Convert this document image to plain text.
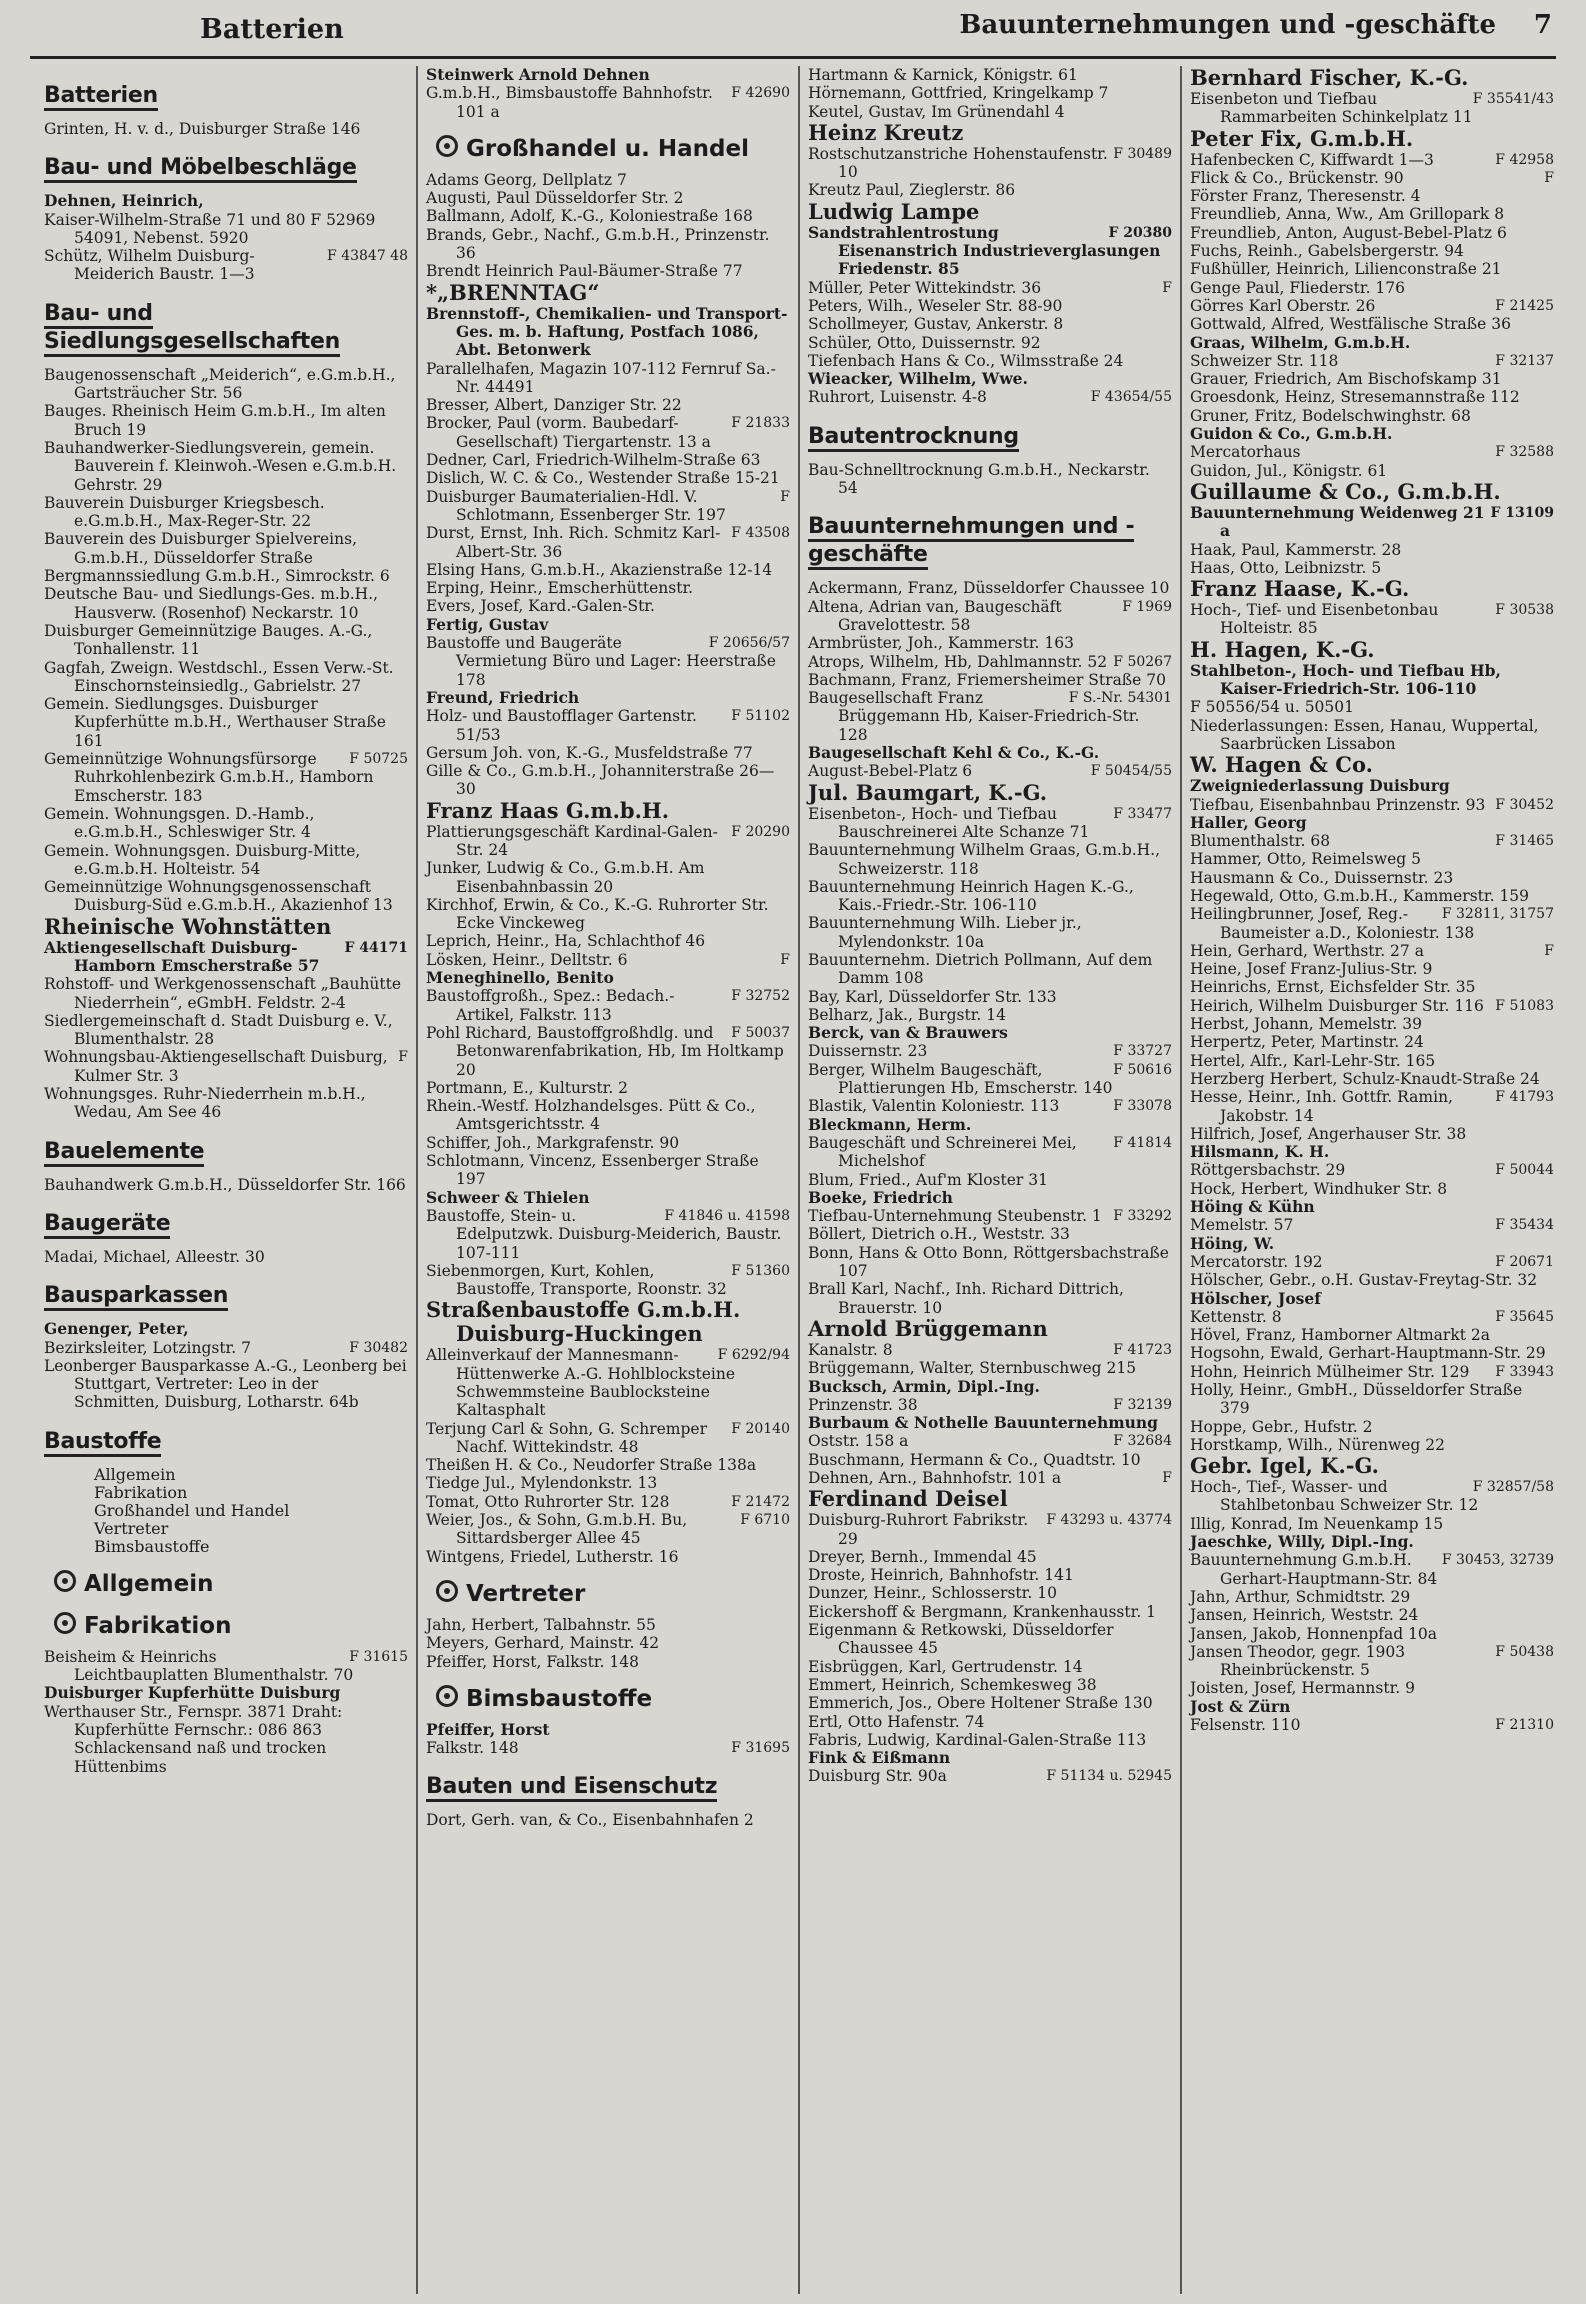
Batterien	Bauunternehmungen und -geschäfte 7
Batterien

Grinten, H. v. d., Duisburger Straße 146

Bau- und Möbelbeschläge

Dehnen, Heinrich,

Kaiser-Wilhelm-Straße 71 und 80 F 52969 54091, Nebenst. 5920

F 43847 48
Schütz, Wilhelm Duisburg-Meiderich Baustr. 1—3

Bau- und Siedlungsgesellschaften

Baugenossenschaft „Meiderich“, e.G.m.b.H., Gartsträucher Str. 56

Bauges. Rheinisch Heim G.m.b.H., Im alten Bruch 19

Bauhandwerker-Siedlungsverein, gemein. Bauverein f. Kleinwoh.-Wesen e.G.m.b.H. Gehrstr. 29

Bauverein Duisburger Kriegsbesch. e.G.m.b.H., Max-Reger-Str. 22

Bauverein des Duisburger Spielvereins, G.m.b.H., Düsseldorfer Straße

Bergmannssiedlung G.m.b.H., Simrockstr. 6

Deutsche Bau- und Siedlungs-Ges. m.b.H., Hausverw. (Rosenhof) Neckarstr. 10

Duisburger Gemeinnützige Bauges. A.-G., Tonhallenstr. 11

Gagfah, Zweign. Westdschl., Essen Verw.-St. Einschornsteinsiedlg., Gabrielstr. 27

Gemein. Siedlungsges. Duisburger Kupferhütte m.b.H., Werthauser Straße 161

F 50725
Gemeinnützige Wohnungsfürsorge Ruhrkohlenbezirk G.m.b.H., Hamborn Emscherstr. 183

Gemein. Wohnungsgen. D.-Hamb., e.G.m.b.H., Schleswiger Str. 4

Gemein. Wohnungsgen. Duisburg-Mitte, e.G.m.b.H. Holteistr. 54

Gemeinnützige Wohnungsgenossenschaft Duisburg-Süd e.G.m.b.H., Akazienhof 13

Rheinische Wohnstätten

F 44171
Aktiengesellschaft Duisburg-Hamborn Emscherstraße 57

Rohstoff- und Werkgenossenschaft „Bauhütte Niederrhein“, eGmbH. Feldstr. 2-4

Siedlergemeinschaft d. Stadt Duisburg e. V., Blumenthalstr. 28

F
Wohnungsbau-Aktiengesellschaft Duisburg, Kulmer Str. 3

Wohnungsges. Ruhr-Niederrhein m.b.H., Wedau, Am See 46

Bauelemente

Bauhandwerk G.m.b.H., Düsseldorfer Str. 166

Baugeräte

Madai, Michael, Alleestr. 30

Bausparkassen

Genenger, Peter,

F 30482
Bezirksleiter, Lotzingstr. 7

Leonberger Bausparkasse A.-G., Leonberg bei Stuttgart, Vertreter: Leo in der Schmitten, Duisburg, Lotharstr. 64b

Baustoffe
Allgemein
Fabrikation
Großhandel und Handel
Vertreter
Bimsbaustoffe
Allgemein
Fabrikation

F 31615
Beisheim & Heinrichs Leichtbauplatten Blumenthalstr. 70

Duisburger Kupferhütte Duisburg

Werthauser Str., Fernspr. 3871 Draht: Kupferhütte Fernschr.: 086 863 Schlackensand naß und trocken Hüttenbims

Steinwerk Arnold Dehnen

F 42690
G.m.b.H., Bimsbaustoffe Bahnhofstr. 101 a

Großhandel u. Handel

Adams Georg, Dellplatz 7

Augusti, Paul Düsseldorfer Str. 2

Ballmann, Adolf, K.-G., Koloniestraße 168

Brands, Gebr., Nachf., G.m.b.H., Prinzenstr. 36

Brendt Heinrich Paul-Bäumer-Straße 77

*„BRENNTAG“

Brennstoff-, Chemikalien- und Transport-Ges. m. b. Haftung, Postfach 1086, Abt. Betonwerk

Parallelhafen, Magazin 107-112 Fernruf Sa.-Nr. 44491

Bresser, Albert, Danziger Str. 22

F 21833
Brocker, Paul (vorm. Baubedarf-Gesellschaft) Tiergartenstr. 13 a

Dedner, Carl, Friedrich-Wilhelm-Straße 63

Dislich, W. C. & Co., Westender Straße 15-21

F
Duisburger Baumaterialien-Hdl. V. Schlotmann, Essenberger Str. 197

F 43508
Durst, Ernst, Inh. Rich. Schmitz Karl-Albert-Str. 36

Elsing Hans, G.m.b.H., Akazienstraße 12-14

Erping, Heinr., Emscherhüttenstr.

Evers, Josef, Kard.-Galen-Str.

Fertig, Gustav

F 20656/57
Baustoffe und Baugeräte Vermietung Büro und Lager: Heerstraße 178

Freund, Friedrich

F 51102
Holz- und Baustofflager Gartenstr. 51/53

Gersum Joh. von, K.-G., Musfeldstraße 77

Gille & Co., G.m.b.H., Johanniterstraße 26—30

Franz Haas G.m.b.H.

F 20290
Plattierungsgeschäft Kardinal-Galen-Str. 24

Junker, Ludwig & Co., G.m.b.H. Am Eisenbahnbassin 20

Kirchhof, Erwin, & Co., K.-G. Ruhrorter Str. Ecke Vinckeweg

Leprich, Heinr., Ha, Schlachthof 46

F
Lösken, Heinr., Delltstr. 6

Meneghinello, Benito

F 32752
Baustoffgroßh., Spez.: Bedach.-Artikel, Falkstr. 113

F 50037
Pohl Richard, Baustoffgroßhdlg. und Betonwarenfabrikation, Hb, Im Holtkamp 20

Portmann, E., Kulturstr. 2

Rhein.-Westf. Holzhandelsges. Pütt & Co., Amtsgerichtsstr. 4

Schiffer, Joh., Markgrafenstr. 90

Schlotmann, Vincenz, Essenberger Straße 197

Schweer & Thielen

F 41846 u. 41598
Baustoffe, Stein- u. Edelputzwk. Duisburg-Meiderich, Baustr. 107-111

F 51360
Siebenmorgen, Kurt, Kohlen, Baustoffe, Transporte, Roonstr. 32

Straßenbaustoffe G.m.b.H. Duisburg-Huckingen

F 6292/94
Alleinverkauf der Mannesmann-Hüttenwerke A.-G. Hohlblocksteine Schwemmsteine Baublocksteine Kaltasphalt

F 20140
Terjung Carl & Sohn, G. Schremper Nachf. Wittekindstr. 48

Theißen H. & Co., Neudorfer Straße 138a

Tiedge Jul., Mylendonkstr. 13

F 21472
Tomat, Otto Ruhrorter Str. 128

F 6710
Weier, Jos., & Sohn, G.m.b.H. Bu, Sittardsberger Allee 45

Wintgens, Friedel, Lutherstr. 16

Vertreter

Jahn, Herbert, Talbahnstr. 55

Meyers, Gerhard, Mainstr. 42

Pfeiffer, Horst, Falkstr. 148

Bimsbaustoffe

Pfeiffer, Horst

F 31695
Falkstr. 148

Bauten und Eisenschutz

Dort, Gerh. van, & Co., Eisenbahnhafen 2

Hartmann & Karnick, Königstr. 61

Hörnemann, Gottfried, Kringelkamp 7

Keutel, Gustav, Im Grünendahl 4

Heinz Kreutz

F 30489
Rostschutzanstriche Hohenstaufenstr. 10

Kreutz Paul, Zieglerstr. 86

Ludwig Lampe

F 20380
Sandstrahlentrostung Eisenanstrich Industrieverglasungen Friedenstr. 85

F
Müller, Peter Wittekindstr. 36

Peters, Wilh., Weseler Str. 88-90

Schollmeyer, Gustav, Ankerstr. 8

Schüler, Otto, Duissernstr. 92

Tiefenbach Hans & Co., Wilmsstraße 24

Wieacker, Wilhelm, Wwe.

F 43654/55
Ruhrort, Luisenstr. 4-8

Bautentrocknung

Bau-Schnelltrocknung G.m.b.H., Neckarstr. 54

Bauunternehmungen und -geschäfte

Ackermann, Franz, Düsseldorfer Chaussee 10

F 1969
Altena, Adrian van, Baugeschäft Gravelottestr. 58

Armbrüster, Joh., Kammerstr. 163

F 50267
Atrops, Wilhelm, Hb, Dahlmannstr. 52

Bachmann, Franz, Friemersheimer Straße 70

F S.-Nr. 54301
Baugesellschaft Franz Brüggemann Hb, Kaiser-Friedrich-Str. 128

Baugesellschaft Kehl & Co., K.-G.

F 50454/55
August-Bebel-Platz 6

Jul. Baumgart, K.-G.

F 33477
Eisenbeton-, Hoch- und Tiefbau Bauschreinerei Alte Schanze 71

Bauunternehmung Wilhelm Graas, G.m.b.H., Schweizerstr. 118

Bauunternehmung Heinrich Hagen K.-G., Kais.-Friedr.-Str. 106-110

Bauunternehmung Wilh. Lieber jr., Mylendonkstr. 10a

Bauunternehm. Dietrich Pollmann, Auf dem Damm 108

Bay, Karl, Düsseldorfer Str. 133

Belharz, Jak., Burgstr. 14

Berck, van & Brauwers

F 33727
Duissernstr. 23

F 50616
Berger, Wilhelm Baugeschäft, Plattierungen Hb, Emscherstr. 140

F 33078
Blastik, Valentin Koloniestr. 113

Bleckmann, Herm.

F 41814
Baugeschäft und Schreinerei Mei, Michelshof

Blum, Fried., Auf'm Kloster 31

Boeke, Friedrich

F 33292
Tiefbau-Unternehmung Steubenstr. 1

Böllert, Dietrich o.H., Weststr. 33

Bonn, Hans & Otto Bonn, Röttgersbachstraße 107

Brall Karl, Nachf., Inh. Richard Dittrich, Brauerstr. 10

Arnold Brüggemann

F 41723
Kanalstr. 8

Brüggemann, Walter, Sternbuschweg 215

Bucksch, Armin, Dipl.-Ing.

F 32139
Prinzenstr. 38

Burbaum & Nothelle Bauunternehmung

F 32684
Oststr. 158 a

Buschmann, Hermann & Co., Quadtstr. 10

F
Dehnen, Arn., Bahnhofstr. 101 a

Ferdinand Deisel

F 43293 u. 43774
Duisburg-Ruhrort Fabrikstr. 29

Dreyer, Bernh., Immendal 45

Droste, Heinrich, Bahnhofstr. 141

Dunzer, Heinr., Schlosserstr. 10

Eickershoff & Bergmann, Krankenhausstr. 1

Eigenmann & Retkowski, Düsseldorfer Chaussee 45

Eisbrüggen, Karl, Gertrudenstr. 14

Emmert, Heinrich, Schemkesweg 38

Emmerich, Jos., Obere Holtener Straße 130

Ertl, Otto Hafenstr. 74

Fabris, Ludwig, Kardinal-Galen-Straße 113

Fink & Eißmann

F 51134 u. 52945
Duisburg Str. 90a

Bernhard Fischer, K.-G.

F 35541/43
Eisenbeton und Tiefbau Rammarbeiten Schinkelplatz 11

Peter Fix, G.m.b.H.

F 42958
Hafenbecken C, Kiffwardt 1—3

F
Flick & Co., Brückenstr. 90

Förster Franz, Theresenstr. 4

Freundlieb, Anna, Ww., Am Grillopark 8

Freundlieb, Anton, August-Bebel-Platz 6

Fuchs, Reinh., Gabelsbergerstr. 94

Fußhüller, Heinrich, Lilienconstraße 21

Genge Paul, Fliederstr. 176

F 21425
Görres Karl Oberstr. 26

Gottwald, Alfred, Westfälische Straße 36

Graas, Wilhelm, G.m.b.H.

F 32137
Schweizer Str. 118

Grauer, Friedrich, Am Bischofskamp 31

Groesdonk, Heinz, Stresemannstraße 112

Gruner, Fritz, Bodelschwinghstr. 68

Guidon & Co., G.m.b.H.

F 32588
Mercatorhaus

Guidon, Jul., Königstr. 61

Guillaume & Co., G.m.b.H.

F 13109
Bauunternehmung Weidenweg 21 a

Haak, Paul, Kammerstr. 28

Haas, Otto, Leibnizstr. 5

Franz Haase, K.-G.

F 30538
Hoch-, Tief- und Eisenbetonbau Holteistr. 85

H. Hagen, K.-G.

Stahlbeton-, Hoch- und Tiefbau Hb, Kaiser-Friedrich-Str. 106-110

F 50556/54 u. 50501

Niederlassungen: Essen, Hanau, Wuppertal, Saarbrücken Lissabon

W. Hagen & Co.

Zweigniederlassung Duisburg

F 30452
Tiefbau, Eisenbahnbau Prinzenstr. 93

Haller, Georg

F 31465
Blumenthalstr. 68

Hammer, Otto, Reimelsweg 5

Hausmann & Co., Duissernstr. 23

Hegewald, Otto, G.m.b.H., Kammerstr. 159

F 32811, 31757
Heilingbrunner, Josef, Reg.-Baumeister a.D., Koloniestr. 138

F
Hein, Gerhard, Werthstr. 27 a

Heine, Josef Franz-Julius-Str. 9

Heinrichs, Ernst, Eichsfelder Str. 35

F 51083
Heirich, Wilhelm Duisburger Str. 116

Herbst, Johann, Memelstr. 39

Herpertz, Peter, Martinstr. 24

Hertel, Alfr., Karl-Lehr-Str. 165

Herzberg Herbert, Schulz-Knaudt-Straße 24

F 41793
Hesse, Heinr., Inh. Gottfr. Ramin, Jakobstr. 14

Hilfrich, Josef, Angerhauser Str. 38

Hilsmann, K. H.

F 50044
Röttgersbachstr. 29

Hock, Herbert, Windhuker Str. 8

Höing & Kühn

F 35434
Memelstr. 57

Höing, W.

F 20671
Mercatorstr. 192

Hölscher, Gebr., o.H. Gustav-Freytag-Str. 32

Hölscher, Josef

F 35645
Kettenstr. 8

Hövel, Franz, Hamborner Altmarkt 2a

Hogsohn, Ewald, Gerhart-Hauptmann-Str. 29

F 33943
Hohn, Heinrich Mülheimer Str. 129

Holly, Heinr., GmbH., Düsseldorfer Straße 379

Hoppe, Gebr., Hufstr. 2

Horstkamp, Wilh., Nürenweg 22

Gebr. Igel, K.-G.

F 32857/58
Hoch-, Tief-, Wasser- und Stahlbetonbau Schweizer Str. 12

Illig, Konrad, Im Neuenkamp 15

Jaeschke, Willy, Dipl.-Ing.

F 30453, 32739
Bauunternehmung G.m.b.H. Gerhart-Hauptmann-Str. 84

Jahn, Arthur, Schmidtstr. 29

Jansen, Heinrich, Weststr. 24

Jansen, Jakob, Honnenpfad 10a

F 50438
Jansen Theodor, gegr. 1903 Rheinbrückenstr. 5

Joisten, Josef, Hermannstr. 9

Jost & Zürn

F 21310
Felsenstr. 110
